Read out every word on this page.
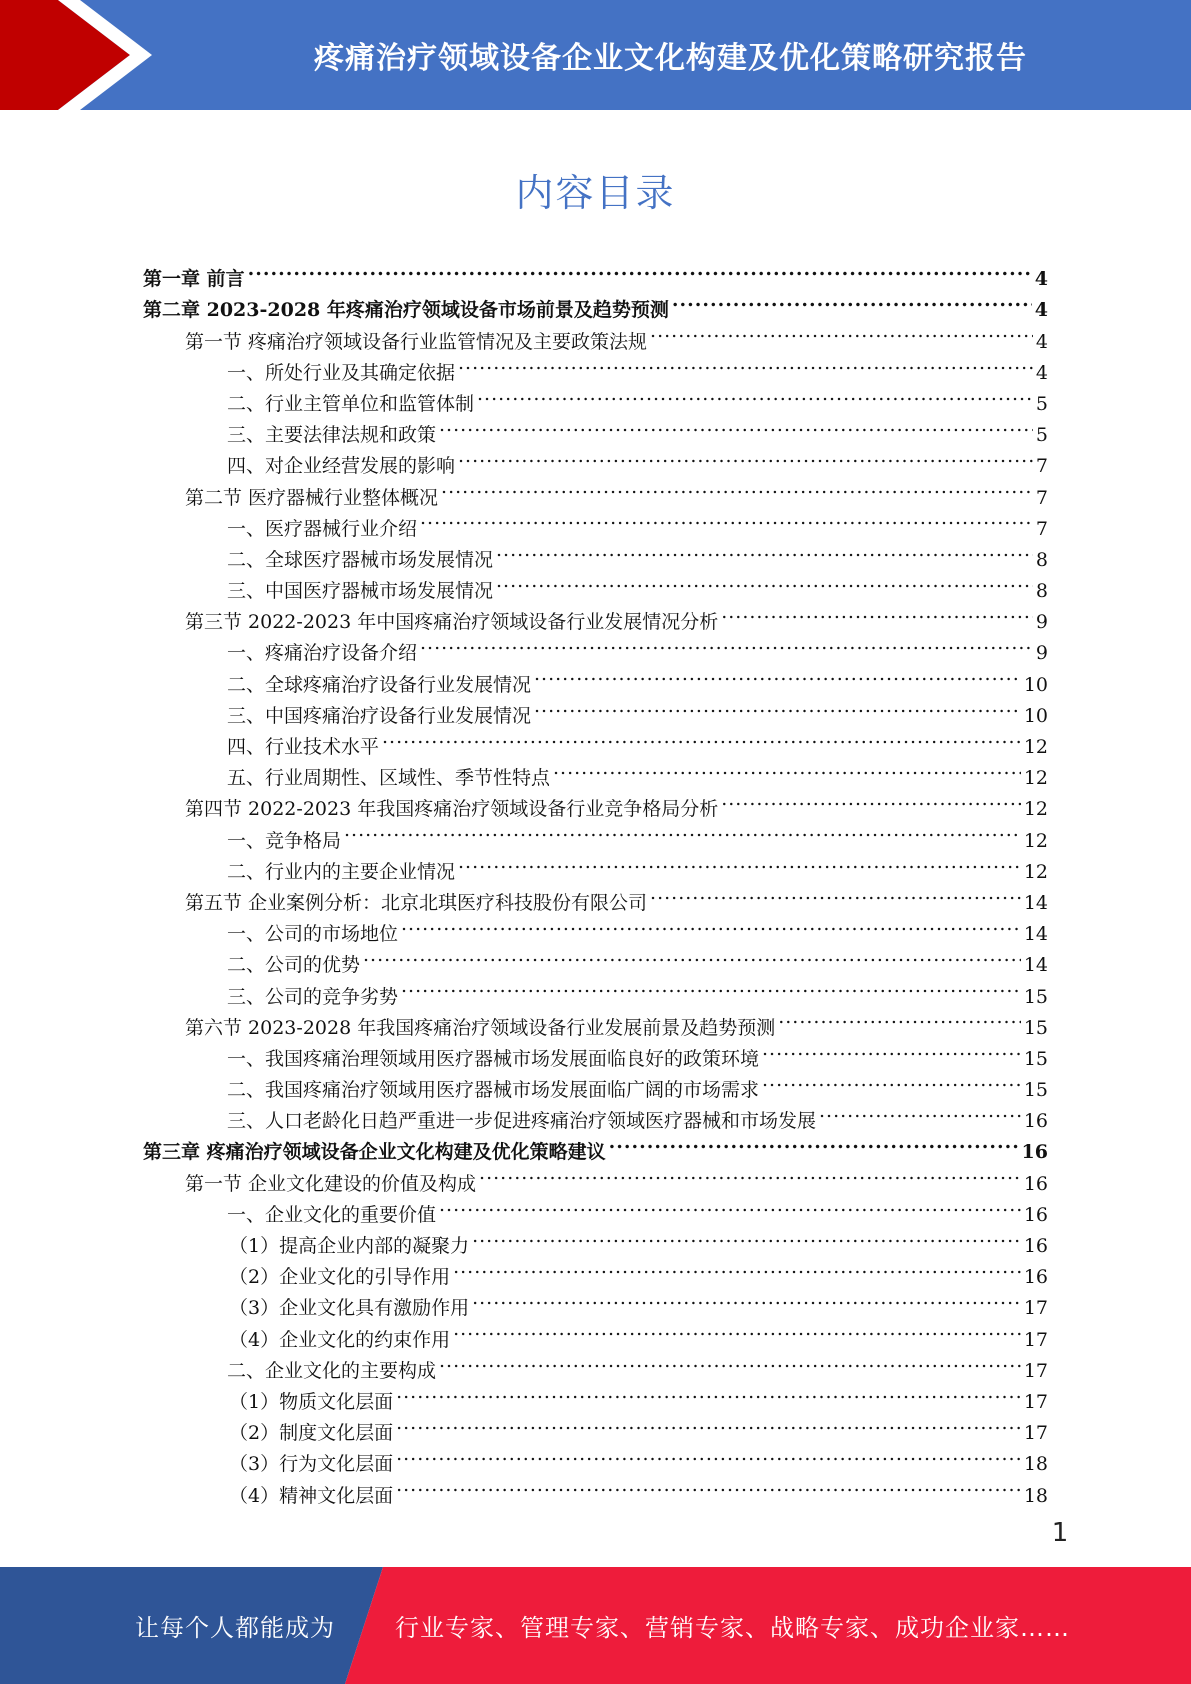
疼痛治疗领域设备企业文化构建及优化策略研究报告
内容目录
第一章 前言 .....	4
第二章 2023-2028 年疼痛治疗领域设备市场前景及趋势预测 .....	4
第一节 疼痛治疗领域设备行业监管情况及主要政策法规 .....	4
一、所处行业及其确定依据 .....	4
二、行业主管单位和监管体制 .....	5
三、主要法律法规和政策 .....	5
四、对企业经营发展的影响 .....	7
第二节 医疗器械行业整体概况 .....	7
一、医疗器械行业介绍 .....	7
二、全球医疗器械市场发展情况 .....	8
三、中国医疗器械市场发展情况 .....	8
第三节 2022-2023 年中国疼痛治疗领域设备行业发展情况分析 .....	9
一、疼痛治疗设备介绍 .....	9
二、全球疼痛治疗设备行业发展情况 .....	10
三、中国疼痛治疗设备行业发展情况 .....	10
四、行业技术水平 .....	12
五、行业周期性、区域性、季节性特点 .....	12
第四节 2022-2023 年我国疼痛治疗领域设备行业竞争格局分析 .....	12
一、竞争格局 .....	12
二、行业内的主要企业情况 .....	12
第五节 企业案例分析：北京北琪医疗科技股份有限公司 .....	14
一、公司的市场地位 .....	14
二、公司的优势 .....	14
三、公司的竞争劣势 .....	15
第六节 2023-2028 年我国疼痛治疗领域设备行业发展前景及趋势预测 .....	15
一、我国疼痛治理领域用医疗器械市场发展面临良好的政策环境 .....	15
二、我国疼痛治疗领域用医疗器械市场发展面临广阔的市场需求 .....	15
三、人口老龄化日趋严重进一步促进疼痛治疗领域医疗器械和市场发展 .....	16
第三章 疼痛治疗领域设备企业文化构建及优化策略建议 .....	16
第一节 企业文化建设的价值及构成 .....	16
一、企业文化的重要价值 .....	16
（1）提高企业内部的凝聚力 .....	16
（2）企业文化的引导作用 .....	16
（3）企业文化具有激励作用 .....	17
（4）企业文化的约束作用 .....	17
二、企业文化的主要构成 .....	17
（1）物质文化层面 .....	17
（2）制度文化层面 .....	17
（3）行为文化层面 .....	18
（4）精神文化层面 .....	18
1
让每个人都能成为	行业专家、管理专家、营销专家、战略专家、成功企业家……
